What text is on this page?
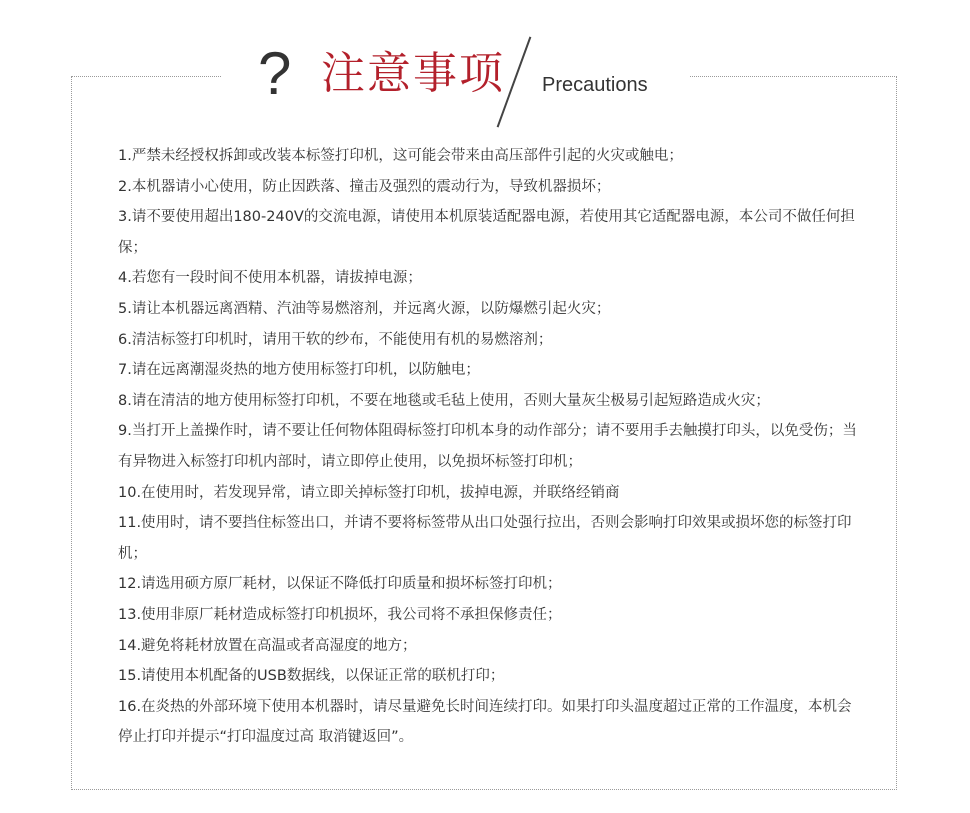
? 注意事项 Precautions
1.严禁未经授权拆卸或改装本标签打印机，这可能会带来由高压部件引起的火灾或触电；
2.本机器请小心使用，防止因跌落、撞击及强烈的震动行为，导致机器损坏；
3.请不要使用超出180-240V的交流电源，请使用本机原装适配器电源，若使用其它适配器电源，本公司不做任何担保；
4.若您有一段时间不使用本机器，请拔掉电源；
5.请让本机器远离酒精、汽油等易燃溶剂，并远离火源，以防爆燃引起火灾；
6.清洁标签打印机时，请用干软的纱布，不能使用有机的易燃溶剂；
7.请在远离潮湿炎热的地方使用标签打印机，以防触电；
8.请在清洁的地方使用标签打印机，不要在地毯或毛毡上使用，否则大量灰尘极易引起短路造成火灾；
9.当打开上盖操作时，请不要让任何物体阻碍标签打印机本身的动作部分；请不要用手去触摸打印头，以免受伤；当有异物进入标签打印机内部时，请立即停止使用，以免损坏标签打印机；
10.在使用时，若发现异常，请立即关掉标签打印机，拔掉电源，并联络经销商
11.使用时，请不要挡住标签出口，并请不要将标签带从出口处强行拉出，否则会影响打印效果或损坏您的标签打印机；
12.请选用硕方原厂耗材，以保证不降低打印质量和损坏标签打印机；
13.使用非原厂耗材造成标签打印机损坏，我公司将不承担保修责任；
14.避免将耗材放置在高温或者高湿度的地方；
15.请使用本机配备的USB数据线，以保证正常的联机打印；
16.在炎热的外部环境下使用本机器时，请尽量避免长时间连续打印。如果打印头温度超过正常的工作温度，本机会停止打印并提示“打印温度过高 取消键返回”。
